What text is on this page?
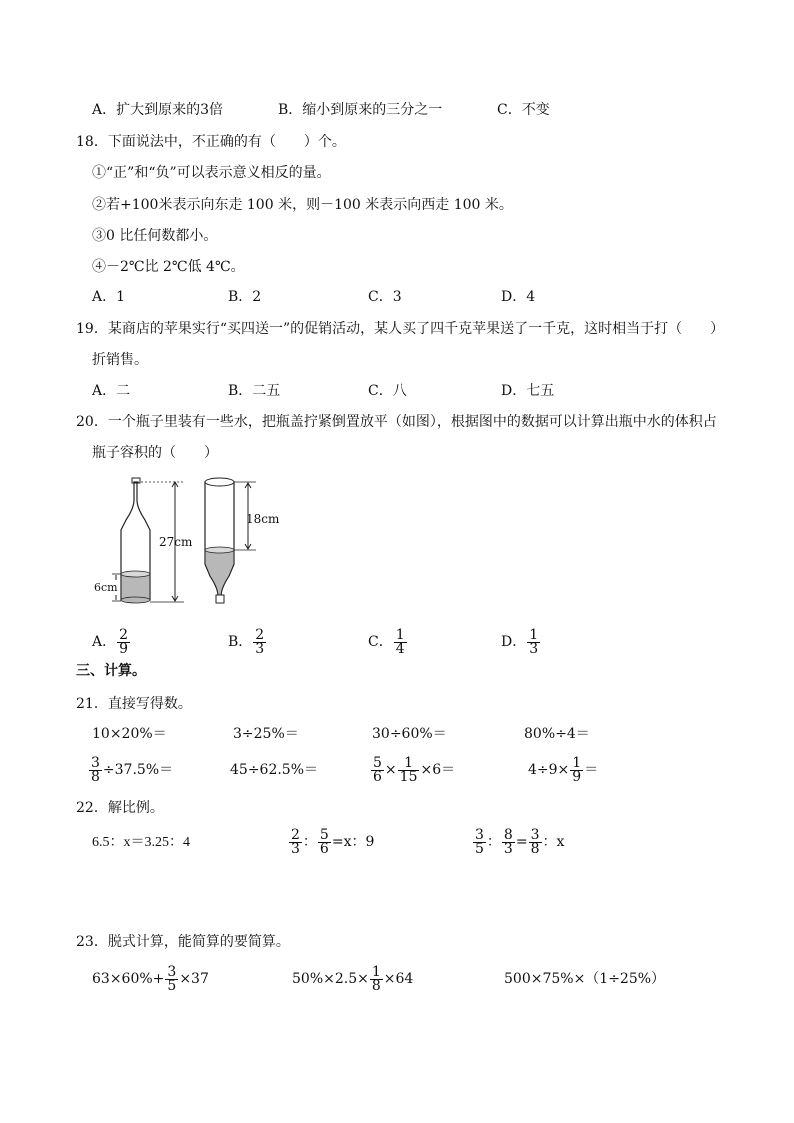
A．扩大到原来的3倍	B．缩小到原来的三分之一	C．不变
18．下面说法中，不正确的有（　　）个。
①“正”和“负”可以表示意义相反的量。
②若+100米表示向东走 100 米，则－100 米表示向西走 100 米。
③0 比任何数都小。
④－2℃比 2℃低 4℃。
A．1	B．2	C．3	D．4
19．某商店的苹果实行“买四送一”的促销活动，某人买了四千克苹果送了一千克，这时相当于打（　　）
折销售。
A．二	B．二五	C．八	D．七五
20．一个瓶子里装有一些水，把瓶盖拧紧倒置放平（如图），根据图中的数据可以计算出瓶中水的体积占
瓶子容积的（　　）
27cm
6cm
18cm
A． $\frac{2}{9}$	B． $\frac{2}{3}$	C． $\frac{1}{4}$	D． $\frac{1}{3}$
三、计算。
21．直接写得数。
10×20%＝	3÷25%＝	30÷60%＝	80%÷4＝
$\frac{3}{8} \div 37.5\%=$	45÷62.5%＝	$\frac{5}{6} \times \frac{1}{15} \times 6=$	$4\div 9\times \frac{1}{9}$ ＝
22．解比例。
6.5：x＝3.25：4	$\frac{2}{3}$ ： $\frac{5}{6} =x$：9	$\frac{3}{5}$ ： $\frac{8}{3} = \frac{3}{8}$ ：x
23．脱式计算，能简算的要简算。
$63\times 60\%+ \frac{3}{5} \times 37$	$50\%\times 2.5\times \frac{1}{8} \times 64$	500×75%×（1÷25%）
